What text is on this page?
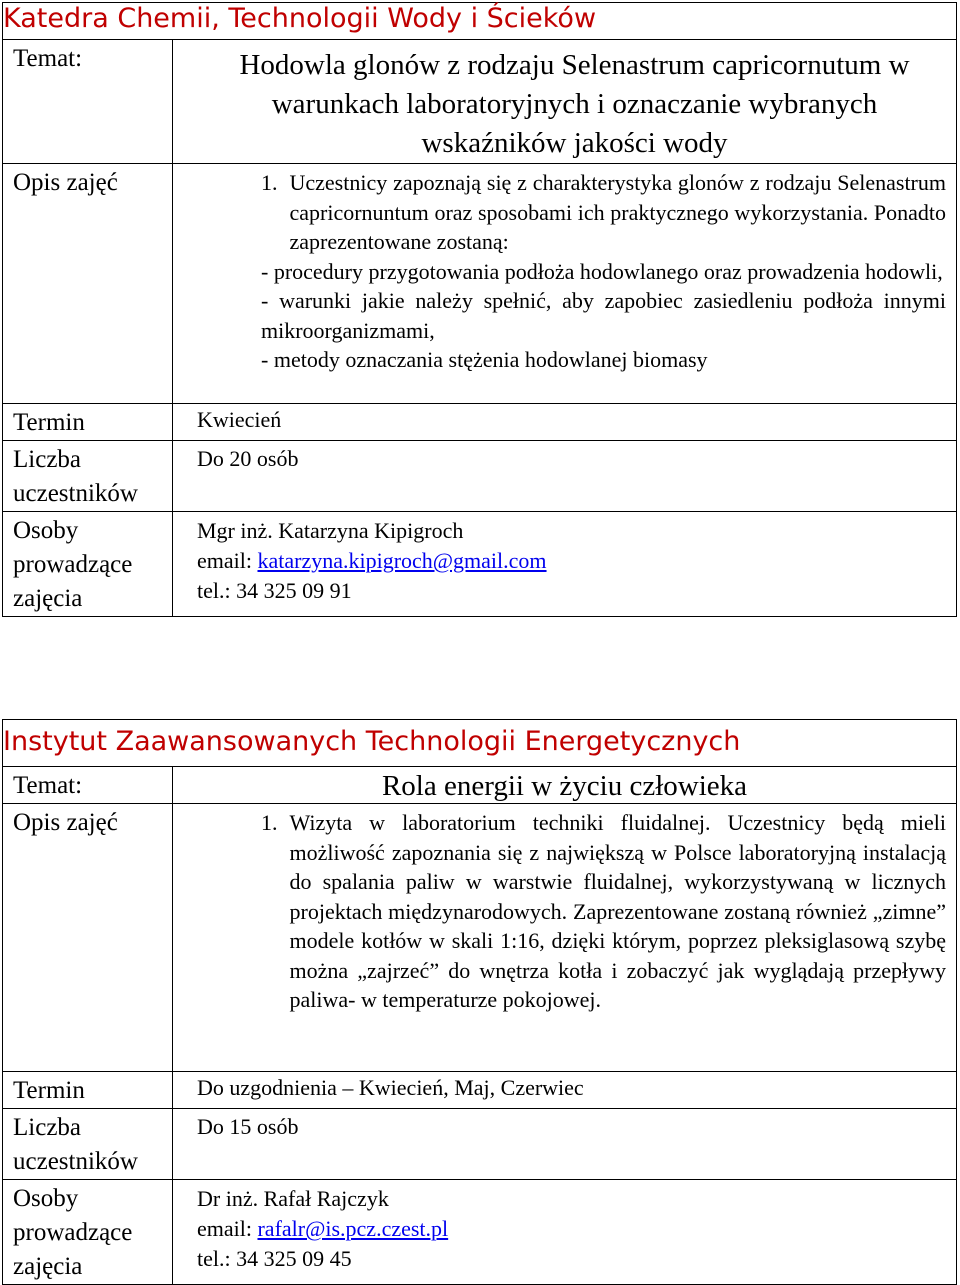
Katedra Chemii, Technologii Wody i Ścieków	
Temat:	Hodowla glonów z rodzaju Selenastrum capricornutum w warunkach laboratoryjnych i oznaczanie wybranych wskaźników jakości wody
Opis zajęć	1. Uczestnicy zapoznają się z charakterystyka glonów z rodzaju Selenastrum capricornuntum oraz sposobami ich praktycznego wykorzystania. Ponadto zaprezentowane zostaną:
- procedury przygotowania podłoża hodowlanego oraz prowadzenia hodowli,
- warunki jakie należy spełnić, aby zapobiec zasiedleniu podłoża innymi mikroorganizmami,
- metody oznaczania stężenia hodowlanej biomasy

Termin	Kwiecień
Liczba uczestników	Do 20 osób
Osoby prowadzące zajęcia	Mgr inż. Katarzyna Kipigroch
email: katarzyna.kipigroch@gmail.com
tel.: 34 325 09 91
Instytut Zaawansowanych Technologii Energetycznych	
Temat:	Rola energii w życiu człowieka
Opis zajęć	1. Wizyta w laboratorium techniki fluidalnej. Uczestnicy będą mieli możliwość zapoznania się z największą w Polsce laboratoryjną instalacją do spalania paliw w warstwie fluidalnej, wykorzystywaną w licznych projektach międzynarodowych. Zaprezentowane zostaną również „zimne” modele kotłów w skali 1:16, dzięki którym, poprzez pleksiglasową szybę można „zajrzeć” do wnętrza kotła i zobaczyć jak wyglądają przepływy paliwa- w temperaturze pokojowej.

Termin	Do uzgodnienia – Kwiecień, Maj, Czerwiec
Liczba uczestników	Do 15 osób
Osoby prowadzące zajęcia	Dr inż. Rafał Rajczyk
email: rafalr@is.pcz.czest.pl
tel.: 34 325 09 45
